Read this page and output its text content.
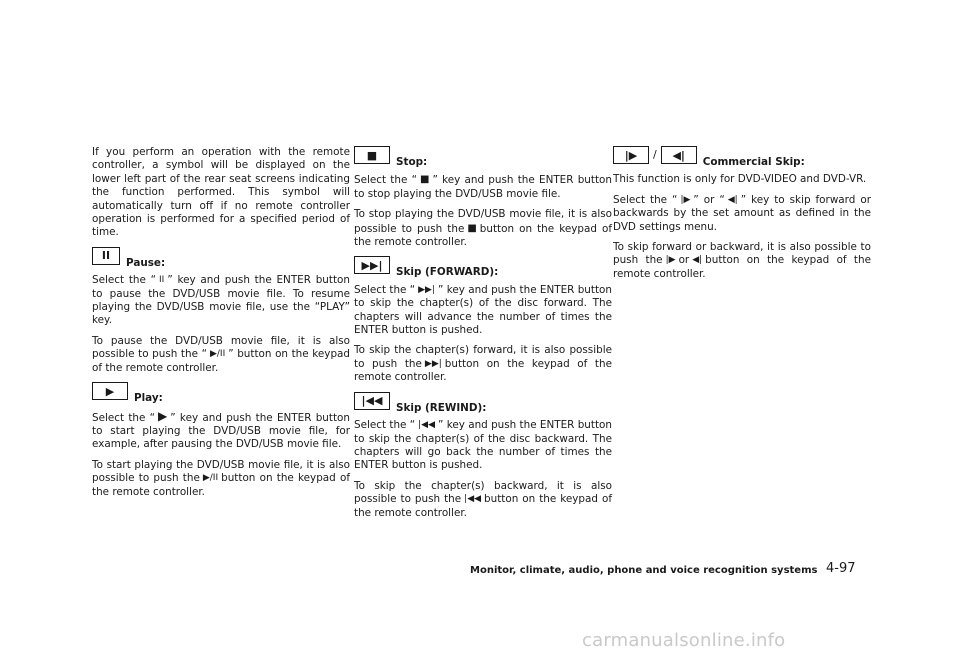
If you perform an operation with the remote controller, a symbol will be displayed on the lower left part of the rear seat screens indicating the function performed. This symbol will automatically turn off if no remote controller operation is performed for a specified period of time.

II
Pause:

Select the “ II ” key and push the ENTER button to pause the DVD/USB movie file. To resume playing the DVD/USB movie file, use the “PLAY” key.

To pause the DVD/USB movie file, it is also possible to push the “ ▶/II ” button on the keypad of the remote controller.

▶
Play:

Select the “ ▶ ” key and push the ENTER button to start playing the DVD/USB movie file, for example, after pausing the DVD/USB movie file.

To start playing the DVD/USB movie file, it is also possible to push the ▶/II button on the keypad of the remote controller.

■
Stop:

Select the “ ■ ” key and push the ENTER button to stop playing the DVD/USB movie file.

To stop playing the DVD/USB movie file, it is also possible to push the ■ button on the keypad of the remote controller.

▶▶|
Skip (FORWARD):

Select the “ ▶▶| ” key and push the ENTER button to skip the chapter(s) of the disc forward. The chapters will advance the number of times the ENTER button is pushed.

To skip the chapter(s) forward, it is also possible to push the ▶▶| button on the keypad of the remote controller.

|◀◀
Skip (REWIND):

Select the “ |◀◀ ” key and push the ENTER button to skip the chapter(s) of the disc backward. The chapters will go back the number of times the ENTER button is pushed.

To skip the chapter(s) backward, it is also possible to push the |◀◀ button on the keypad of the remote controller.

|▶	/	◀|
Commercial Skip:

This function is only for DVD-VIDEO and DVD-VR.

Select the “ |▶ ” or “ ◀| ” key to skip forward or backwards by the set amount as defined in the DVD settings menu.

To skip forward or backward, it is also possible to push the |▶ or ◀| button on the keypad of the remote controller.

Monitor, climate, audio, phone and voice recognition systems 4-97
carmanualsonline.info
